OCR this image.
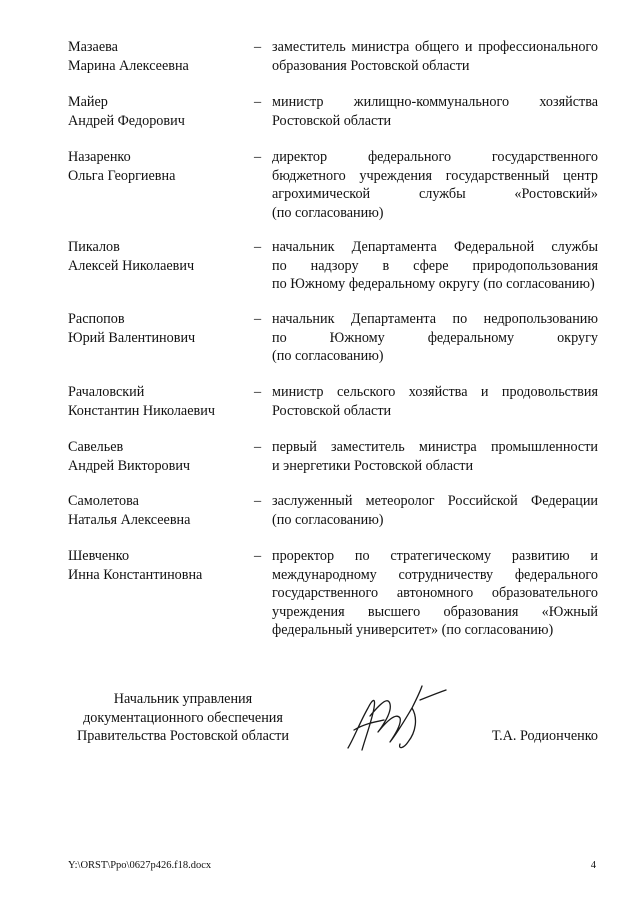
Мазаева
Марина Алексеевна
– заместитель министра общего и профессионального
образования Ростовской области
Майер
Андрей Федорович
– министр жилищно-коммунального хозяйства
Ростовской области
Назаренко
Ольга Георгиевна
– директор федерального государственного
бюджетного учреждения государственный центр
агрохимической службы «Ростовский»
(по согласованию)
Пикалов
Алексей Николаевич
– начальник Департамента Федеральной службы
по надзору в сфере природопользования
по Южному федеральному округу (по согласованию)
Распопов
Юрий Валентинович
– начальник Департамента по недропользованию
по Южному федеральному округу
(по согласованию)
Рачаловский
Константин Николаевич
– министр сельского хозяйства и продовольствия
Ростовской области
Савельев
Андрей Викторович
– первый заместитель министра промышленности
и энергетики Ростовской области
Самолетова
Наталья Алексеевна
– заслуженный метеоролог Российской Федерации
(по согласованию)
Шевченко
Инна Константиновна
– проректор по стратегическому развитию и
международному сотрудничеству федерального
государственного автономного образовательного
учреждения высшего образования «Южный
федеральный университет» (по согласованию)
Начальник управления
документационного обеспечения
Правительства Ростовской области	Т.А. Родионченко
Y:\ORST\Ppo\0627p426.f18.docx	4
